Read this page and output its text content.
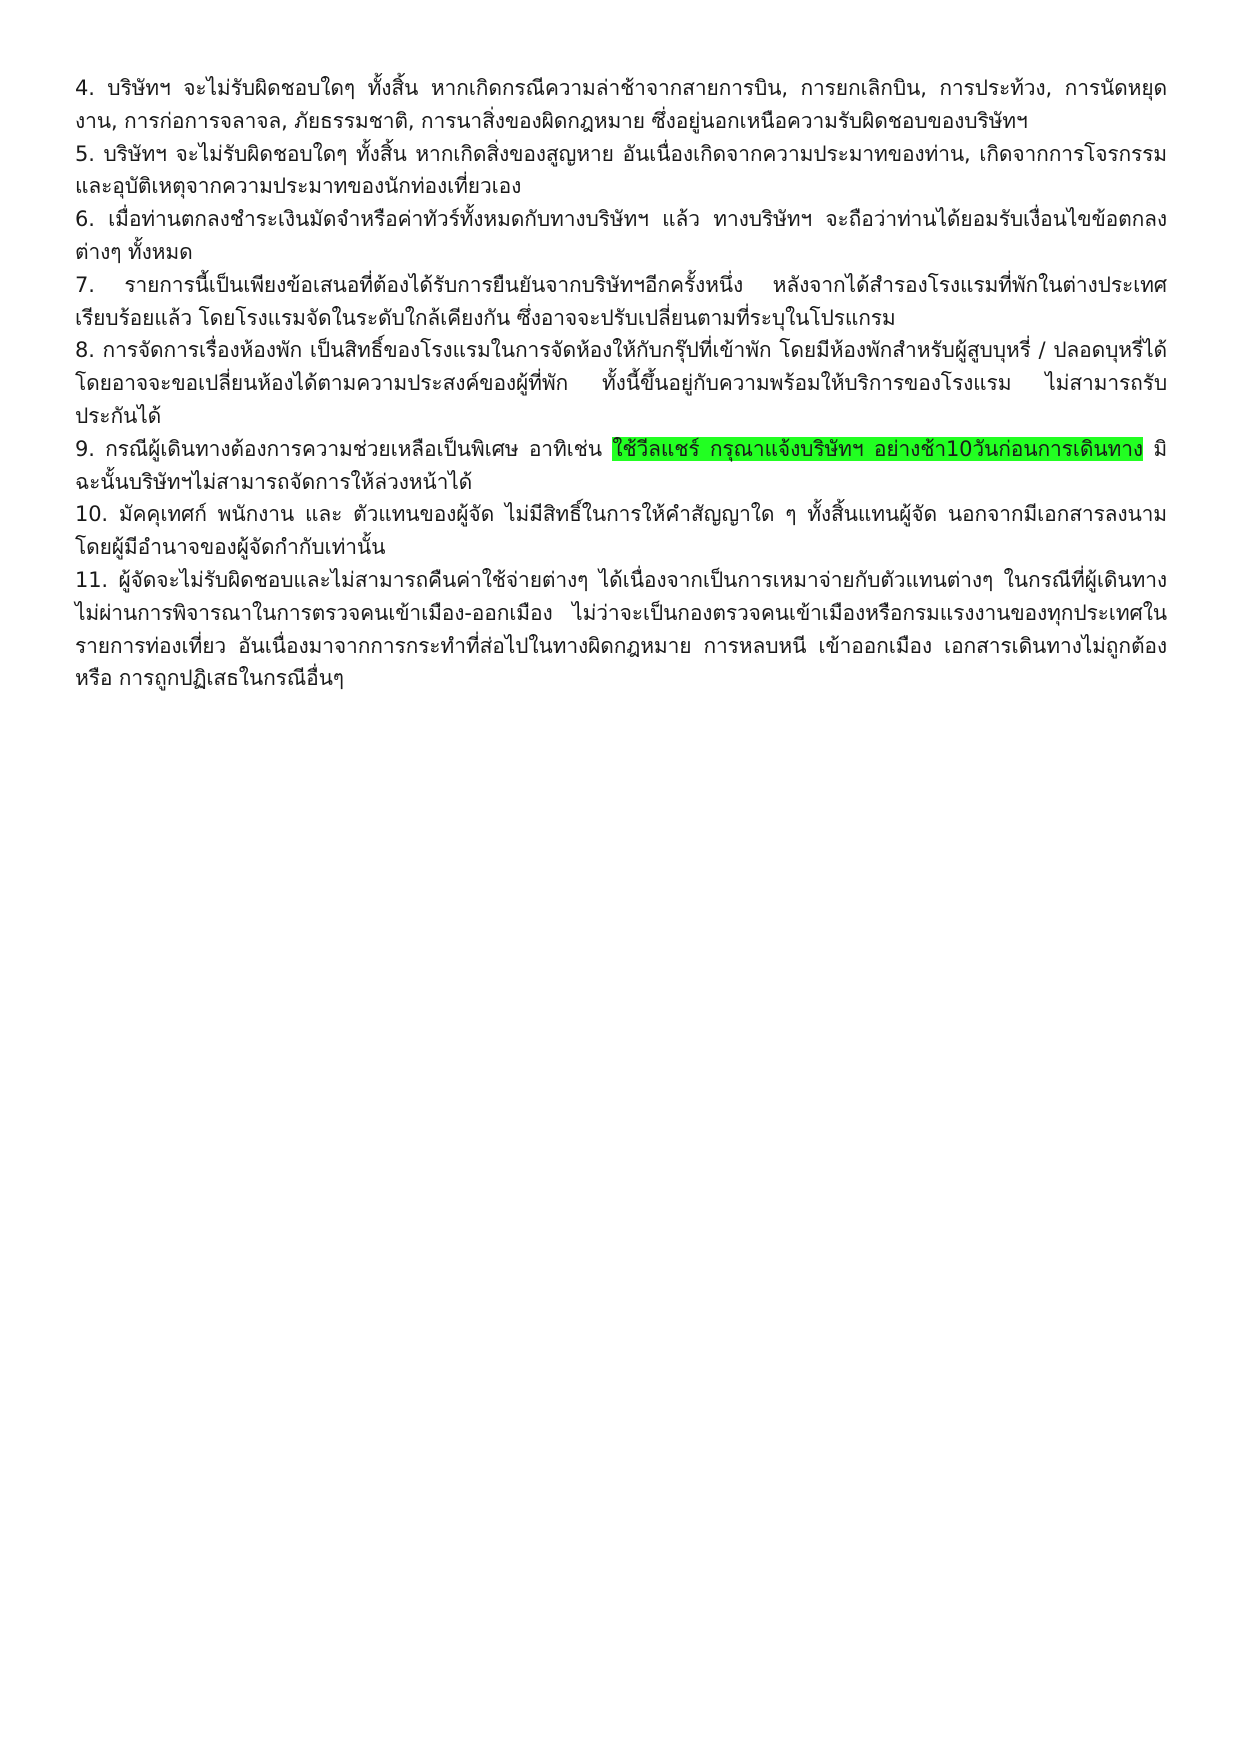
4. บริษัทฯ จะไม่รับผิดชอบใดๆ ทั้งสิ้น หากเกิดกรณีความล่าช้าจากสายการบิน, การยกเลิกบิน, การประท้วง, การนัดหยุดงาน, การก่อการจลาจล, ภัยธรรมชาติ, การนาสิ่งของผิดกฎหมาย ซึ่งอยู่นอกเหนือความรับผิดชอบของบริษัทฯ

5. บริษัทฯ จะไม่รับผิดชอบใดๆ ทั้งสิ้น หากเกิดสิ่งของสูญหาย อันเนื่องเกิดจากความประมาทของท่าน, เกิดจากการโจรกรรม และอุบัติเหตุจากความประมาทของนักท่องเที่ยวเอง

6. เมื่อท่านตกลงชำระเงินมัดจำหรือค่าทัวร์ทั้งหมดกับทางบริษัทฯ แล้ว ทางบริษัทฯ จะถือว่าท่านได้ยอมรับเงื่อนไขข้อตกลงต่างๆ ทั้งหมด

7. รายการนี้เป็นเพียงข้อเสนอที่ต้องได้รับการยืนยันจากบริษัทฯอีกครั้งหนึ่ง หลังจากได้สำรองโรงแรมที่พักในต่างประเทศเรียบร้อยแล้ว โดยโรงแรมจัดในระดับใกล้เคียงกัน ซึ่งอาจจะปรับเปลี่ยนตามที่ระบุในโปรแกรม

8. การจัดการเรื่องห้องพัก เป็นสิทธิ์ของโรงแรมในการจัดห้องให้กับกรุ๊ปที่เข้าพัก โดยมีห้องพักสำหรับผู้สูบบุหรี่ / ปลอดบุหรี่ได้ โดยอาจจะขอเปลี่ยนห้องได้ตามความประสงค์ของผู้ที่พัก ทั้งนี้ขึ้นอยู่กับความพร้อมให้บริการของโรงแรม ไม่สามารถรับประกันได้

9. กรณีผู้เดินทางต้องการความช่วยเหลือเป็นพิเศษ อาทิเช่น ใช้วีลแชร์ กรุณาแจ้งบริษัทฯ อย่างช้า10วันก่อนการเดินทาง มิฉะนั้นบริษัทฯไม่สามารถจัดการให้ล่วงหน้าได้

10. มัคคุเทศก์ พนักงาน และ ตัวแทนของผู้จัด ไม่มีสิทธิ์ในการให้คำสัญญาใด ๆ ทั้งสิ้นแทนผู้จัด นอกจากมีเอกสารลงนามโดยผู้มีอำนาจของผู้จัดกำกับเท่านั้น

11. ผู้จัดจะไม่รับผิดชอบและไม่สามารถคืนค่าใช้จ่ายต่างๆ ได้เนื่องจากเป็นการเหมาจ่ายกับตัวแทนต่างๆ ในกรณีที่ผู้เดินทางไม่ผ่านการพิจารณาในการตรวจคนเข้าเมือง-ออกเมือง ไม่ว่าจะเป็นกองตรวจคนเข้าเมืองหรือกรมแรงงานของทุกประเทศในรายการท่องเที่ยว อันเนื่องมาจากการกระทำที่ส่อไปในทางผิดกฎหมาย การหลบหนี เข้าออกเมือง เอกสารเดินทางไม่ถูกต้อง หรือ การถูกปฏิเสธในกรณีอื่นๆ
